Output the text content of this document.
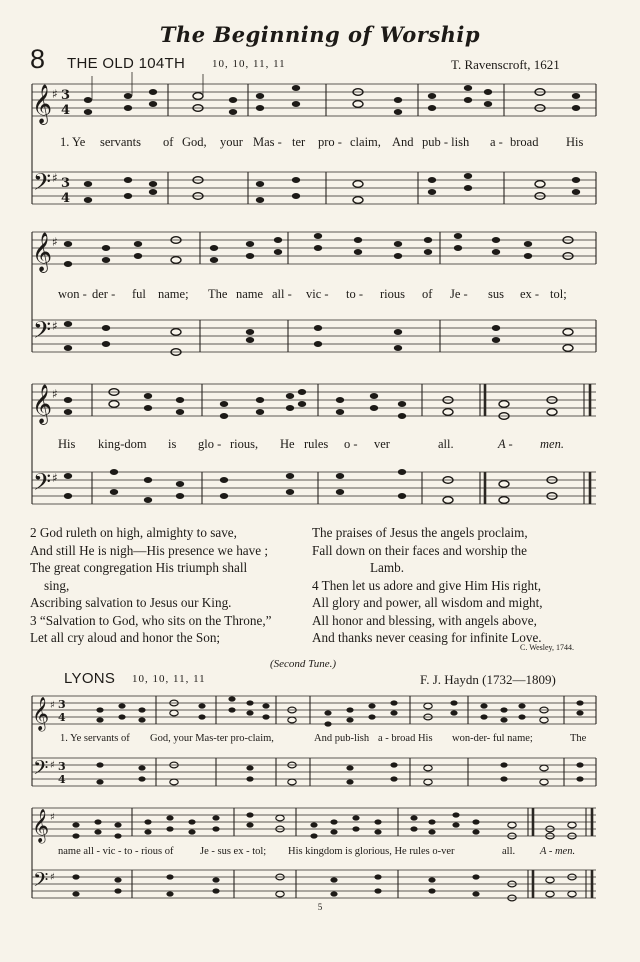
The Beginning of Worship
8 THE OLD 104TH 10, 10, 11, 11	T. Ravenscroft, 1621
𝄞 ♯ 3
4
𝄢 ♯ 3
4
1. Ye servants of God, your Mas - ter pro - claim, And pub - lish a - broad His
𝄞 ♯
𝄢 ♯
won - der - ful name; The name all - vic - to - rious of Je - sus ex - tol;
𝄞 ♯
𝄢 ♯
His king-dom is glo - rious, He rules o - ver	all.	A - men.
2 God ruleth on high, almighty to save,
And still He is nigh—His presence we have ;
The great congregation His triumph shall
sing,
Ascribing salvation to Jesus our King.
3 “Salvation to God, who sits on the Throne,”
Let all cry aloud and honor the Son;
The praises of Jesus the angels proclaim,
Fall down on their faces and worship the
Lamb.
4 Then let us adore and give Him His right,
All glory and power, all wisdom and might,
All honor and blessing, with angels above,
And thanks never ceasing for infinite Love.
C. Wesley, 1744.
(Second Tune.)
LYONS 10, 10, 11, 11	F. J. Haydn (1732—1809)
𝄞 ♯ 3
4
𝄢 ♯ 3
4
1. Ye servants of God, your Mas-ter pro-claim,	And pub-lish a - broad His won-der- ful name;	The
𝄞 ♯
𝄢 ♯
name all - vic - to - rious of	Je - sus ex - tol; His kingdom is glorious, He rules o-ver	all. A - men.
5
